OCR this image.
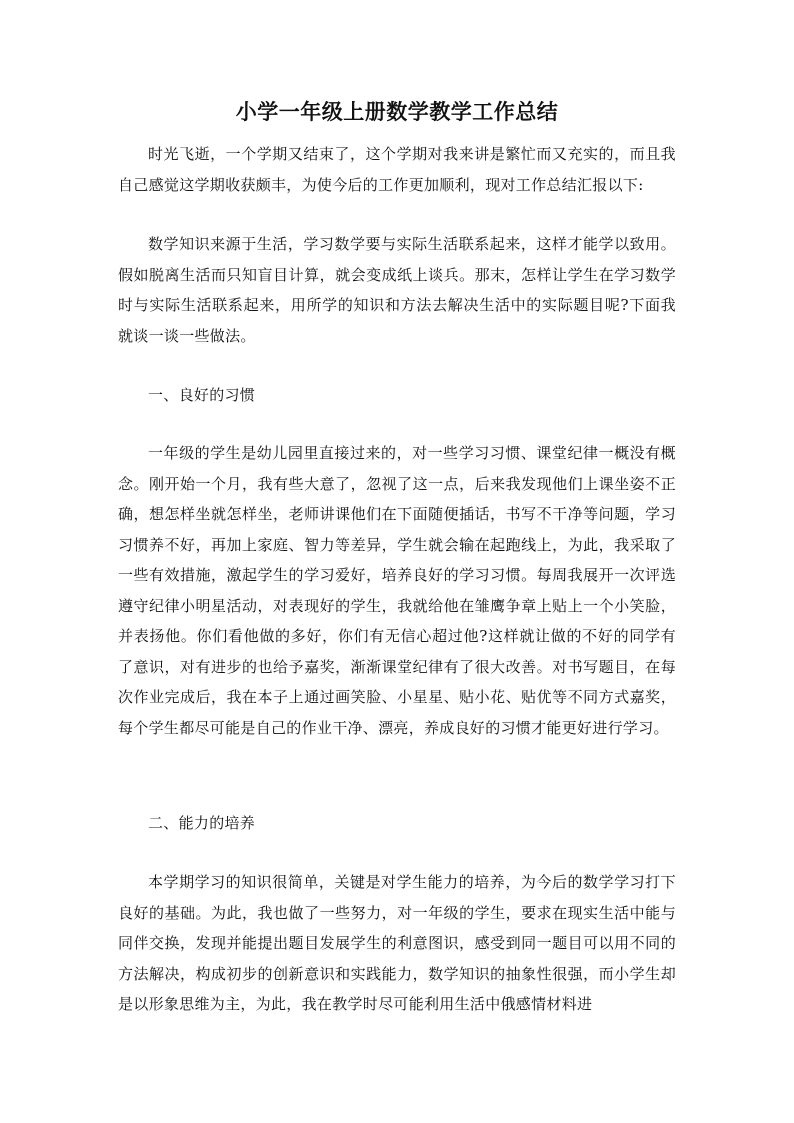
小学一年级上册数学教学工作总结

时光飞逝，一个学期又结束了，这个学期对我来讲是繁忙而又充实的，而且我自己感觉这学期收获颇丰，为使今后的工作更加顺利，现对工作总结汇报以下:

数学知识来源于生活，学习数学要与实际生活联系起来，这样才能学以致用。假如脱离生活而只知盲目计算，就会变成纸上谈兵。那末，怎样让学生在学习数学时与实际生活联系起来，用所学的知识和方法去解决生活中的实际题目呢?下面我就谈一谈一些做法。

一、良好的习惯

一年级的学生是幼儿园里直接过来的，对一些学习习惯、课堂纪律一概没有概念。刚开始一个月，我有些大意了，忽视了这一点，后来我发现他们上课坐姿不正确，想怎样坐就怎样坐，老师讲课他们在下面随便插话，书写不干净等问题，学习习惯养不好，再加上家庭、智力等差异，学生就会输在起跑线上，为此，我采取了一些有效措施，激起学生的学习爱好，培养良好的学习习惯。每周我展开一次评选遵守纪律小明星活动，对表现好的学生，我就给他在雏鹰争章上贴上一个小笑脸，并表扬他。你们看他做的多好，你们有无信心超过他?这样就让做的不好的同学有了意识，对有进步的也给予嘉奖，渐渐课堂纪律有了很大改善。对书写题目，在每次作业完成后，我在本子上通过画笑脸、小星星、贴小花、贴优等不同方式嘉奖，每个学生都尽可能是自己的作业干净、漂亮，养成良好的习惯才能更好进行学习。

二、能力的培养

本学期学习的知识很简单，关键是对学生能力的培养，为今后的数学学习打下良好的基础。为此，我也做了一些努力，对一年级的学生，要求在现实生活中能与同伴交换，发现并能提出题目发展学生的利意图识，感受到同一题目可以用不同的方法解决，构成初步的创新意识和实践能力，数学知识的抽象性很强，而小学生却是以形象思维为主，为此，我在教学时尽可能利用生活中俄感情材料进
